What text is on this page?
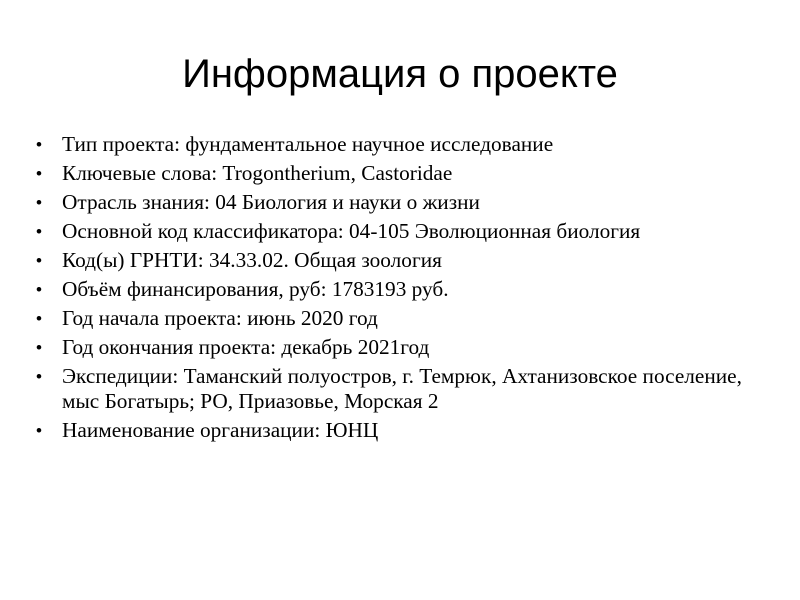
Информация о проекте
• Тип проекта: фундаментальное научное исследование
• Ключевые слова: Trogontherium, Castoridae
• Отрасль знания: 04 Биология и науки о жизни
• Основной код классификатора: 04-105 Эволюционная биология
• Код(ы) ГРНТИ: 34.33.02. Общая зоология
• Объём финансирования, руб: 1783193 руб.
• Год начала проекта: июнь 2020 год
• Год окончания проекта: декабрь 2021год
• Экспедиции: Таманский полуостров, г. Темрюк, Ахтанизовское поселение, мыс Богатырь; РО, Приазовье, Морская 2
• Наименование организации: ЮНЦ
